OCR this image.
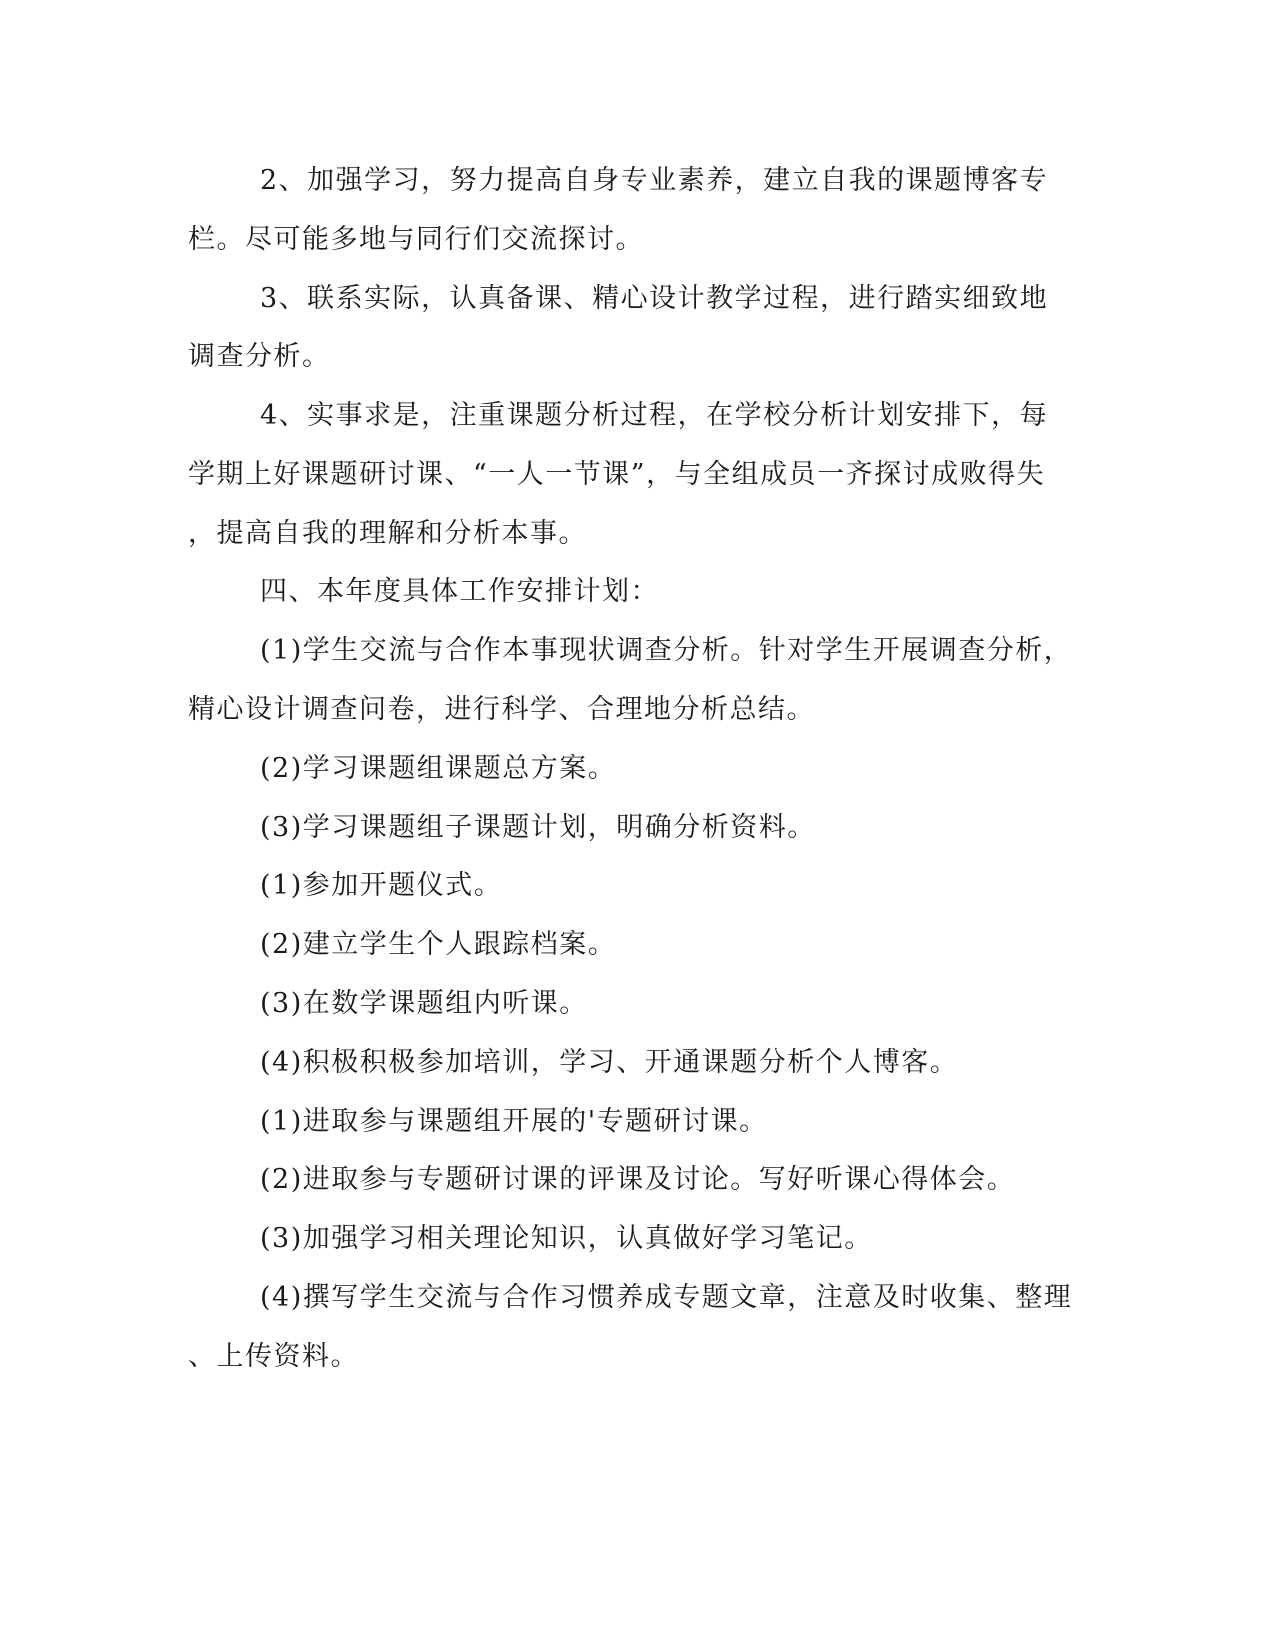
2、加强学习，努力提高自身专业素养，建立自我的课题博客专
栏。尽可能多地与同行们交流探讨。
3、联系实际，认真备课、精心设计教学过程，进行踏实细致地
调查分析。
4、实事求是，注重课题分析过程，在学校分析计划安排下，每
学期上好课题研讨课、“一人一节课”，与全组成员一齐探讨成败得失
，提高自我的理解和分析本事。
四、本年度具体工作安排计划：
(1)学生交流与合作本事现状调查分析。针对学生开展调查分析，
精心设计调查问卷，进行科学、合理地分析总结。
(2)学习课题组课题总方案。
(3)学习课题组子课题计划，明确分析资料。
(1)参加开题仪式。
(2)建立学生个人跟踪档案。
(3)在数学课题组内听课。
(4)积极积极参加培训，学习、开通课题分析个人博客。
(1)进取参与课题组开展的'专题研讨课。
(2)进取参与专题研讨课的评课及讨论。写好听课心得体会。
(3)加强学习相关理论知识，认真做好学习笔记。
(4)撰写学生交流与合作习惯养成专题文章，注意及时收集、整理
、上传资料。
